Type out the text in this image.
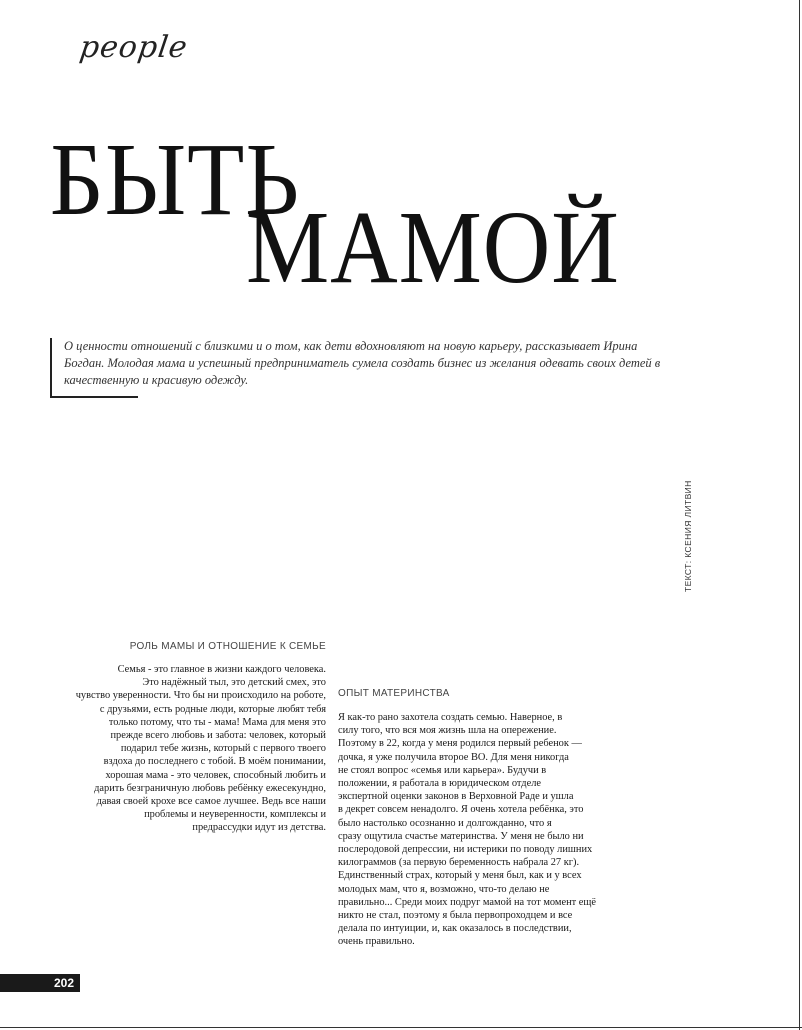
people
БЫТЬ
МАМОЙ

О ценности отношений с близкими и о том, как дети вдохновляют на новую карьеру, рассказывает Ирина Богдан. Молодая мама и успешный предприниматель сумела создать бизнес из желания одевать своих детей в качественную и красивую одежду.

ТЕКСТ: КСЕНИЯ ЛИТВИН
РОЛЬ МАМЫ И ОТНОШЕНИЕ К СЕМЬЕ
Семья - это главное в жизни каждого человека.
Это надёжный тыл, это детский смех, это
чувство уверенности. Что бы ни происходило на роботе,
с друзьями, есть родные люди, которые любят тебя
только потому, что ты - мама! Мама для меня это
прежде всего любовь и забота: человек, который
подарил тебе жизнь, который с первого твоего
вздоха до последнего с тобой. В моём понимании,
хорошая мама - это человек, способный любить и
дарить безграничную любовь ребёнку ежесекундно,
давая своей крохе все самое лучшее. Ведь все наши
проблемы и неуверенности, комплексы и
предрассудки идут из детства.
ОПЫТ МАТЕРИНСТВА
Я как-то рано захотела создать семью. Наверное, в
силу того, что вся моя жизнь шла на опережение.
Поэтому в 22, когда у меня родился первый ребенок —
дочка, я уже получила второе ВО. Для меня никогда
не стоял вопрос «семья или карьера». Будучи в
положении, я работала в юридическом отделе
экспертной оценки законов в Верховной Раде и ушла
в декрет совсем ненадолго. Я очень хотела ребёнка, это
было настолько осознанно и долгожданно, что я
сразу ощутила счастье материнства. У меня не было ни
послеродовой депрессии, ни истерики по поводу лишних
килограммов (за первую беременность набрала 27 кг).
Единственный страх, который у меня был, как и у всех
молодых мам, что я, возможно, что-то делаю не
правильно... Среди моих подруг мамой на тот момент ещё
никто не стал, поэтому я была первопроходцем и все
делала по интуиции, и, как оказалось в последствии,
очень правильно.
202
